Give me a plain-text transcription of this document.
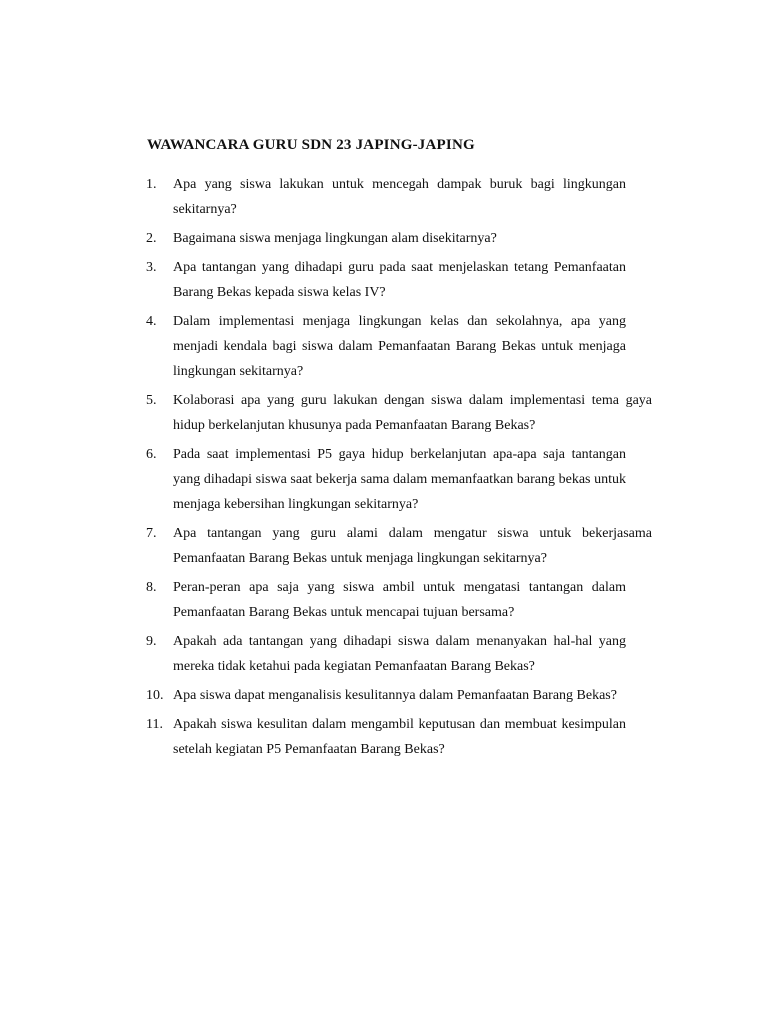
WAWANCARA GURU SDN 23 JAPING-JAPING
1.	Apa yang siswa lakukan untuk mencegah dampak buruk bagi lingkungan sekitarnya?
2.	Bagaimana siswa menjaga lingkungan alam disekitarnya?
3.	Apa tantangan yang dihadapi guru pada saat menjelaskan tetang Pemanfaatan Barang Bekas kepada siswa kelas IV?
4.	Dalam implementasi menjaga lingkungan kelas dan sekolahnya, apa yang menjadi kendala bagi siswa dalam Pemanfaatan Barang Bekas untuk menjaga lingkungan sekitarnya?
5.	Kolaborasi apa yang guru lakukan dengan siswa dalam implementasi tema gaya hidup berkelanjutan khusunya pada Pemanfaatan Barang Bekas?
6.	Pada saat implementasi P5 gaya hidup berkelanjutan apa-apa saja tantangan yang dihadapi siswa saat bekerja sama dalam memanfaatkan barang bekas untuk menjaga kebersihan lingkungan sekitarnya?
7.	Apa tantangan yang guru alami dalam mengatur siswa untuk bekerjasama Pemanfaatan Barang Bekas untuk menjaga lingkungan sekitarnya?
8.	Peran-peran apa saja yang siswa ambil untuk mengatasi tantangan dalam Pemanfaatan Barang Bekas untuk mencapai tujuan bersama?
9.	Apakah ada tantangan yang dihadapi siswa dalam menanyakan hal-hal yang mereka tidak ketahui pada kegiatan Pemanfaatan Barang Bekas?
10. Apa siswa dapat menganalisis kesulitannya dalam Pemanfaatan Barang Bekas?
11. Apakah siswa kesulitan dalam mengambil keputusan dan membuat kesimpulan setelah kegiatan P5 Pemanfaatan Barang Bekas?
